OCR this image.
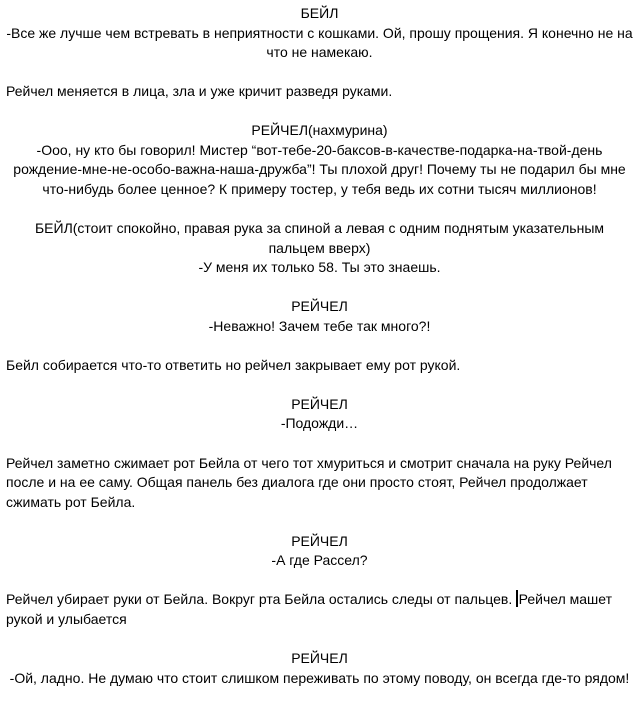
БЕЙЛ
-Все же лучше чем встревать в неприятности с кошками. Ой, прошу прощения. Я конечно не на что не намекаю.
Рейчел меняется в лица, зла и уже кричит разведя руками.
РЕЙЧЕЛ(нахмурина)
-Ооо, ну кто бы говорил! Мистер “вот-тебе-20-баксов-в-качестве-подарка-на-твой-день рождение-мне-не-особо-важна-наша-дружба”! Ты плохой друг! Почему ты не подарил бы мне что-нибудь более ценное? К примеру тостер, у тебя ведь их сотни тысяч миллионов!
БЕЙЛ(стоит спокойно, правая рука за спиной а левая с одним поднятым указательным пальцем вверх)
-У меня их только 58. Ты это знаешь.
РЕЙЧЕЛ
-Неважно! Зачем тебе так много?!
Бейл собирается что-то ответить но рейчел закрывает ему рот рукой.
РЕЙЧЕЛ
-Подожди…
Рейчел заметно сжимает рот Бейла от чего тот хмуриться и смотрит сначала на руку Рейчел после и на ее саму. Общая панель без диалога где они просто стоят, Рейчел продолжает сжимать рот Бейла.
РЕЙЧЕЛ
-А где Рассел?
Рейчел убирает руки от Бейла. Вокруг рта Бейла остались следы от пальцев. Рейчел машет рукой и улыбается
РЕЙЧЕЛ
-Ой, ладно. Не думаю что стоит слишком переживать по этому поводу, он всегда где-то рядом!
